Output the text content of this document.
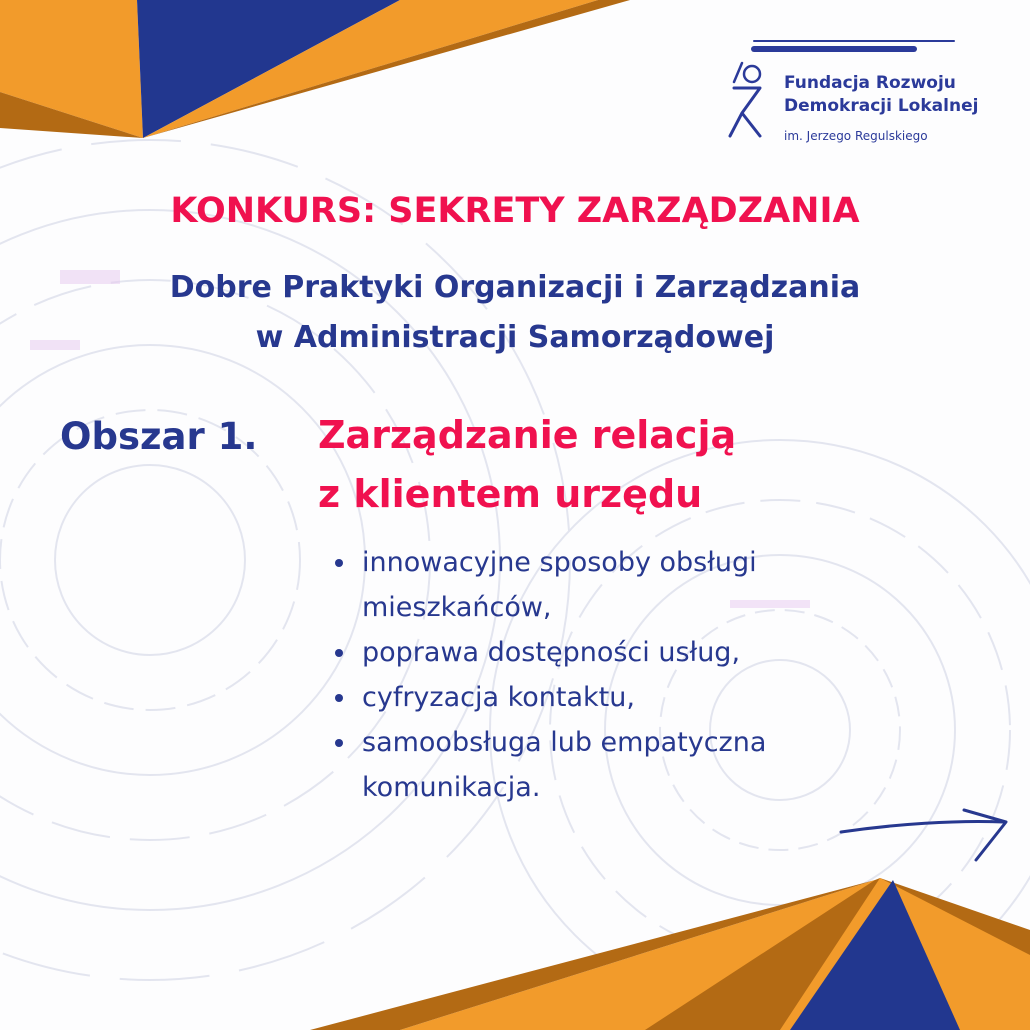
Fundacja Rozwoju
Demokracji Lokalnej
im. Jerzego Regulskiego
KONKURS: SEKRETY ZARZĄDZANIA
Dobre Praktyki Organizacji i Zarządzania
w Administracji Samorządowej
Obszar 1. Zarządzanie relacją
z klientem urzędu
innowacyjne sposoby obsługi
mieszkańców,
poprawa dostępności usług,
cyfryzacja kontaktu,
samoobsługa lub empatyczna
komunikacja.
